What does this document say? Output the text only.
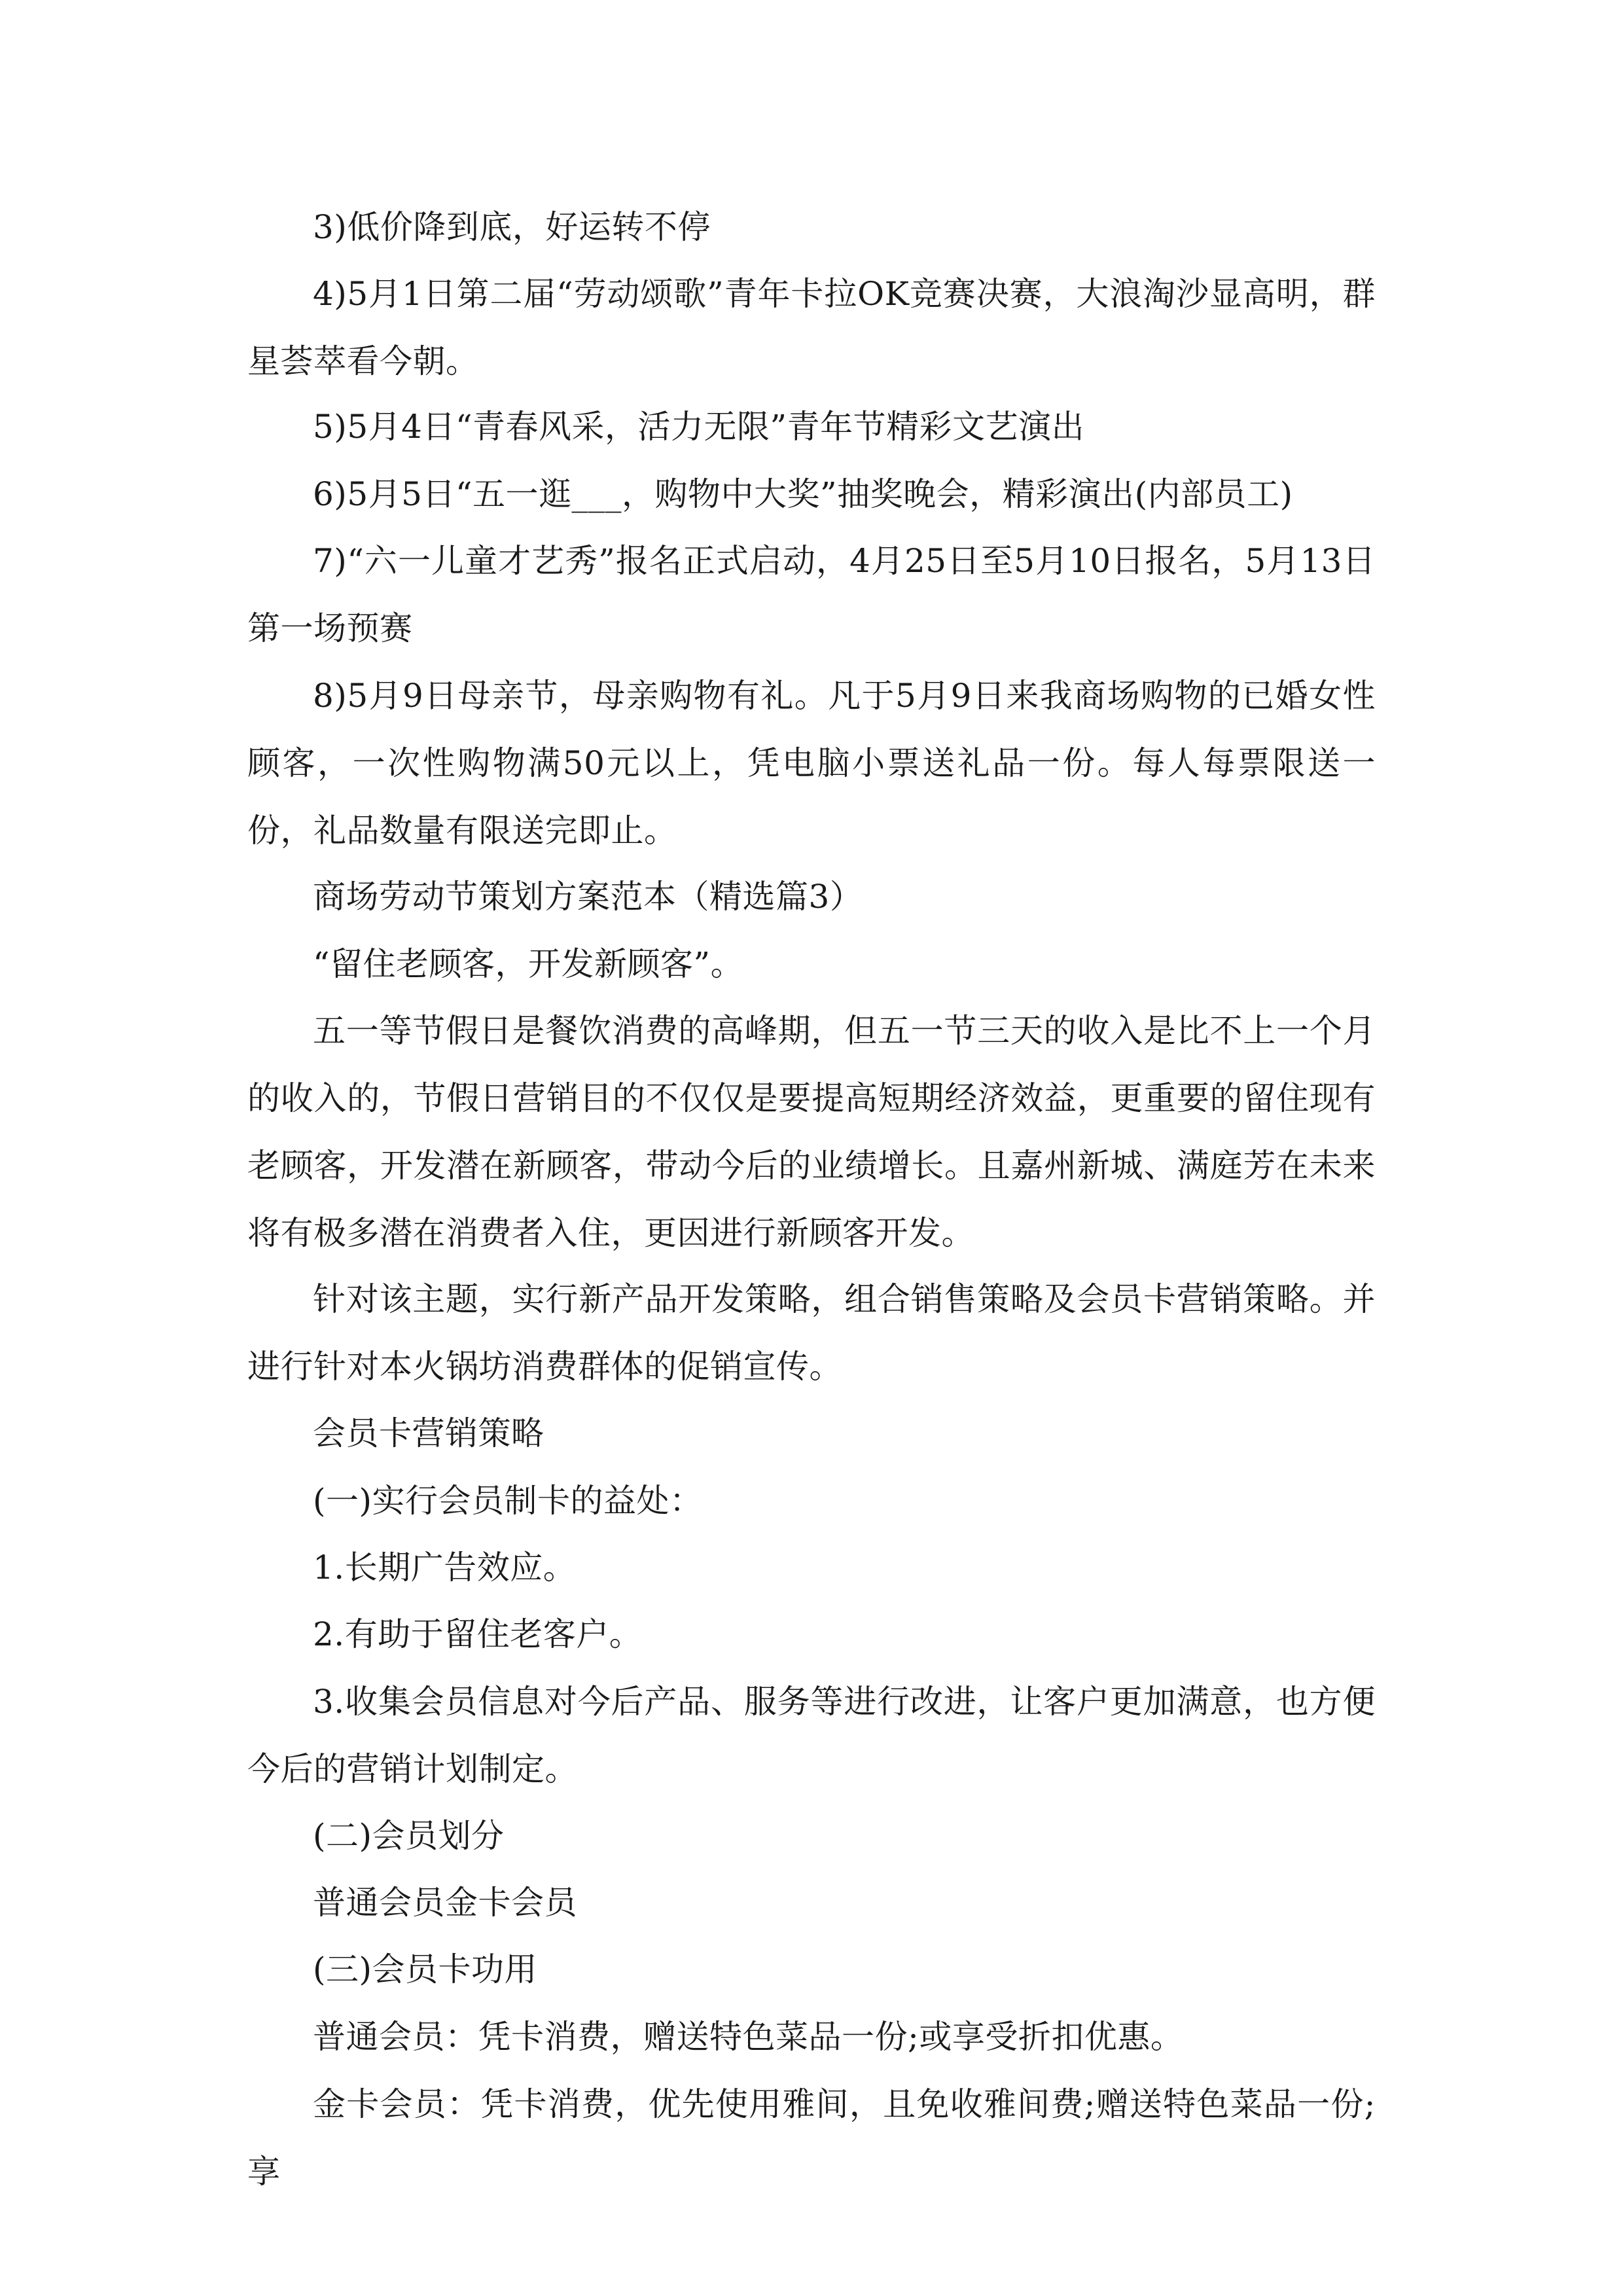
3)低价降到底，好运转不停

4)5月1日第二届“劳动颂歌”青年卡拉OK竞赛决赛，大浪淘沙显高明，群星荟萃看今朝。

5)5月4日“青春风采，活力无限”青年节精彩文艺演出

6)5月5日“五一逛___，购物中大奖”抽奖晚会，精彩演出(内部员工)

7)“六一儿童才艺秀”报名正式启动，4月25日至5月10日报名，5月13日第一场预赛

8)5月9日母亲节，母亲购物有礼。凡于5月9日来我商场购物的已婚女性顾客，一次性购物满50元以上，凭电脑小票送礼品一份。每人每票限送一份，礼品数量有限送完即止。

商场劳动节策划方案范本（精选篇3）

“留住老顾客，开发新顾客”。

五一等节假日是餐饮消费的高峰期，但五一节三天的收入是比不上一个月的收入的，节假日营销目的不仅仅是要提高短期经济效益，更重要的留住现有老顾客，开发潜在新顾客，带动今后的业绩增长。且嘉州新城、满庭芳在未来将有极多潜在消费者入住，更因进行新顾客开发。

针对该主题，实行新产品开发策略，组合销售策略及会员卡营销策略。并进行针对本火锅坊消费群体的促销宣传。

会员卡营销策略

(一)实行会员制卡的益处：

1.长期广告效应。

2.有助于留住老客户。

3.收集会员信息对今后产品、服务等进行改进，让客户更加满意，也方便今后的营销计划制定。

(二)会员划分

普通会员金卡会员

(三)会员卡功用

普通会员：凭卡消费，赠送特色菜品一份;或享受折扣优惠。

金卡会员：凭卡消费，优先使用雅间，且免收雅间费;赠送特色菜品一份;享
